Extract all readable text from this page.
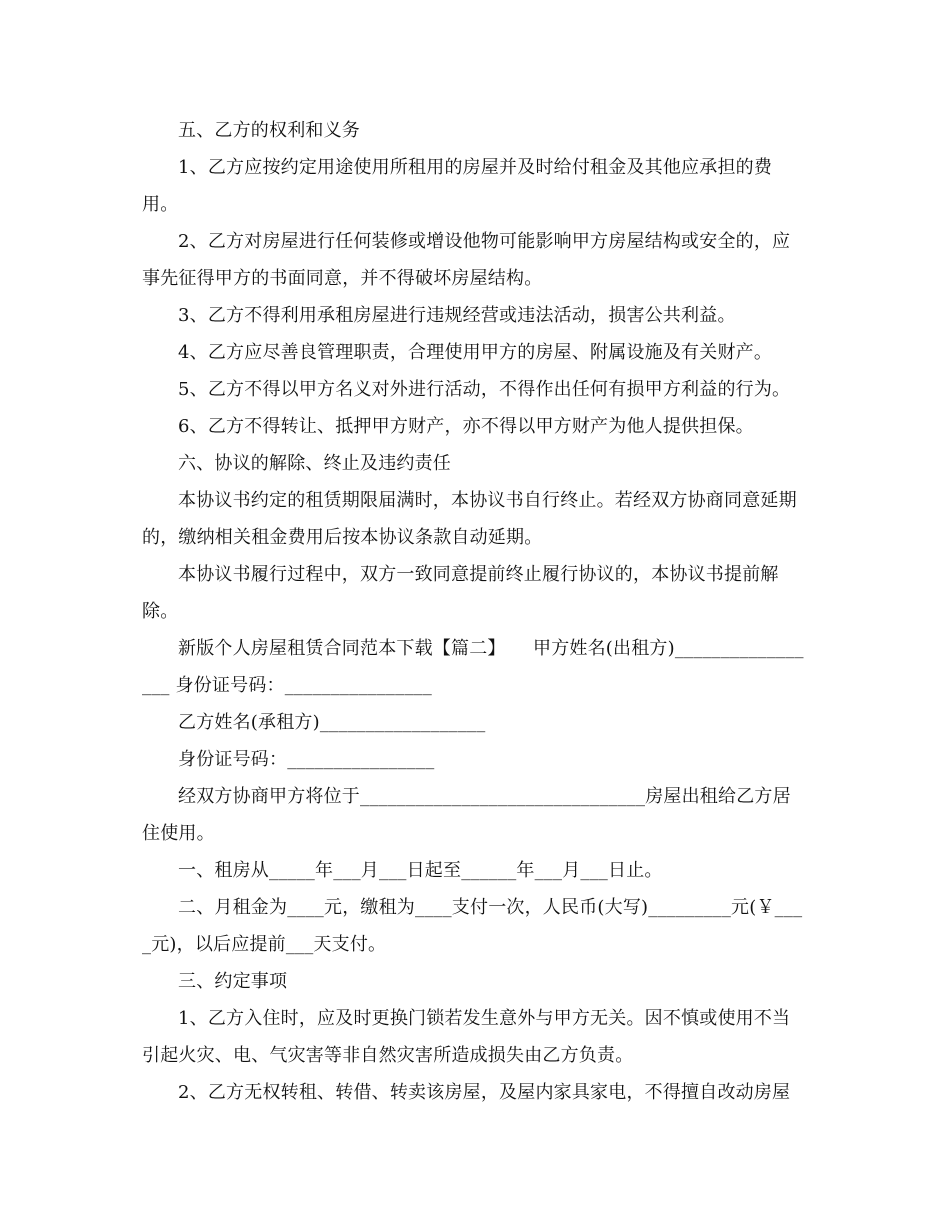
五、乙方的权利和义务

1、乙方应按约定用途使用所租用的房屋并及时给付租金及其他应承担的费用。

2、乙方对房屋进行任何装修或增设他物可能影响甲方房屋结构或安全的，应事先征得甲方的书面同意，并不得破坏房屋结构。

3、乙方不得利用承租房屋进行违规经营或违法活动，损害公共利益。

4、乙方应尽善良管理职责，合理使用甲方的房屋、附属设施及有关财产。

5、乙方不得以甲方名义对外进行活动，不得作出任何有损甲方利益的行为。

6、乙方不得转让、抵押甲方财产，亦不得以甲方财产为他人提供担保。

六、协议的解除、终止及违约责任

本协议书约定的租赁期限届满时，本协议书自行终止。若经双方协商同意延期的，缴纳相关租金费用后按本协议条款自动延期。

本协议书履行过程中，双方一致同意提前终止履行协议的，本协议书提前解除。

新版个人房屋租赁合同范本下载【篇二】　　甲方姓名(出租方)_________________ 身份证号码：________________

乙方姓名(承租方)__________________

身份证号码：________________

经双方协商甲方将位于_______________________________房屋出租给乙方居住使用。

一、租房从_____年___月___日起至______年___月___日止。

二、月租金为____元，缴租为____支付一次，人民币(大写)_________元(￥____元)，以后应提前___天支付。

三、约定事项

1、乙方入住时，应及时更换门锁若发生意外与甲方无关。因不慎或使用不当引起火灾、电、气灾害等非自然灾害所造成损失由乙方负责。

2、乙方无权转租、转借、转卖该房屋，及屋内家具家电，不得擅自改动房屋
